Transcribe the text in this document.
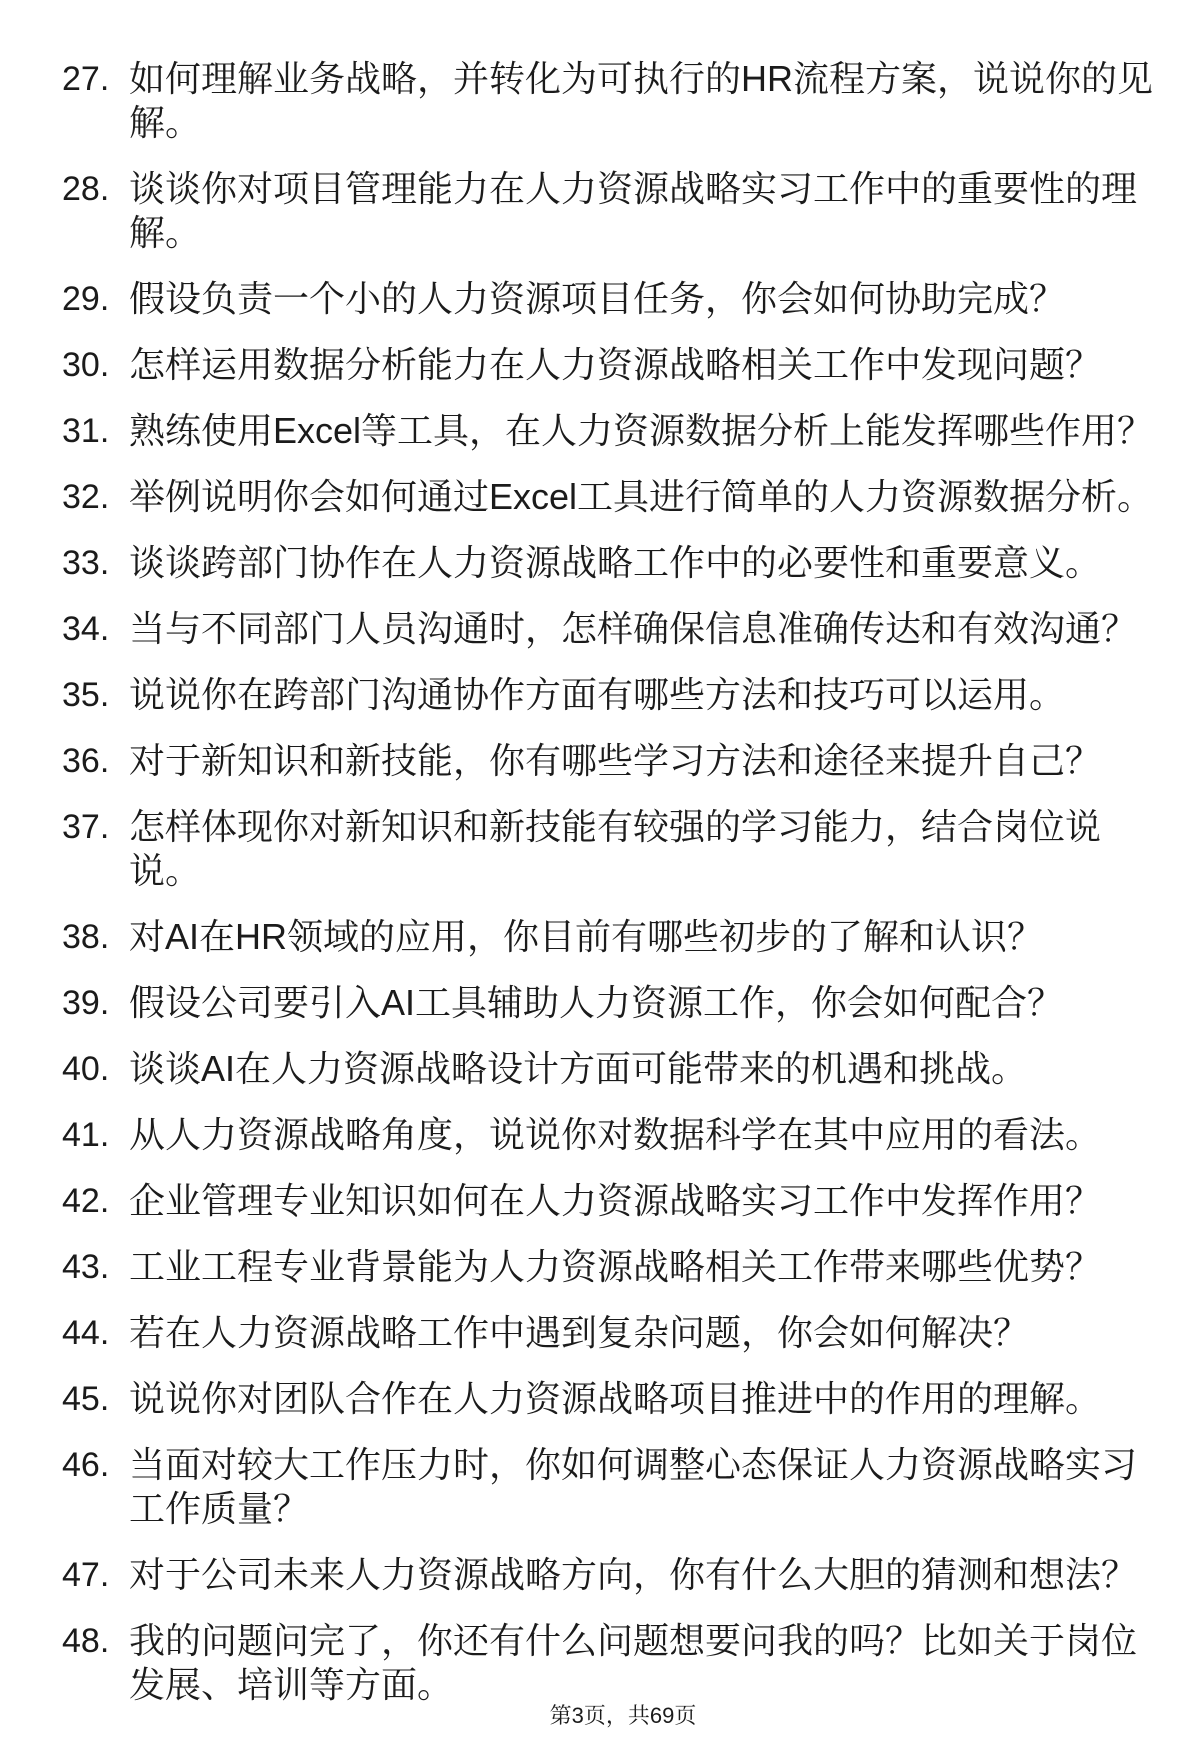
27. 如何理解业务战略，并转化为可执行的HR流程方案，说说你的见
解。
28. 谈谈你对项目管理能力在人力资源战略实习工作中的重要性的理
解。
29. 假设负责一个小的人力资源项目任务，你会如何协助完成？
30. 怎样运用数据分析能力在人力资源战略相关工作中发现问题？
31. 熟练使用Excel等工具，在人力资源数据分析上能发挥哪些作用？
32. 举例说明你会如何通过Excel工具进行简单的人力资源数据分析。
33. 谈谈跨部门协作在人力资源战略工作中的必要性和重要意义。
34. 当与不同部门人员沟通时，怎样确保信息准确传达和有效沟通？
35. 说说你在跨部门沟通协作方面有哪些方法和技巧可以运用。
36. 对于新知识和新技能，你有哪些学习方法和途径来提升自己？
37. 怎样体现你对新知识和新技能有较强的学习能力，结合岗位说
说。
38. 对AI在HR领域的应用，你目前有哪些初步的了解和认识？
39. 假设公司要引入AI工具辅助人力资源工作，你会如何配合？
40. 谈谈AI在人力资源战略设计方面可能带来的机遇和挑战。
41. 从人力资源战略角度，说说你对数据科学在其中应用的看法。
42. 企业管理专业知识如何在人力资源战略实习工作中发挥作用？
43. 工业工程专业背景能为人力资源战略相关工作带来哪些优势？
44. 若在人力资源战略工作中遇到复杂问题，你会如何解决？
45. 说说你对团队合作在人力资源战略项目推进中的作用的理解。
46. 当面对较大工作压力时，你如何调整心态保证人力资源战略实习
工作质量？
47. 对于公司未来人力资源战略方向，你有什么大胆的猜测和想法？
48. 我的问题问完了，你还有什么问题想要问我的吗？比如关于岗位
发展、培训等方面。
第3页，共69页
